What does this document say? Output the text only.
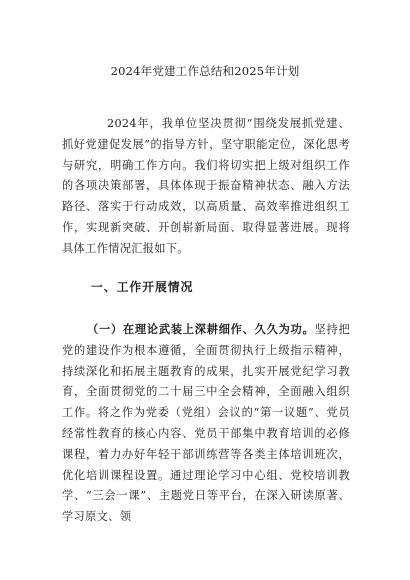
2024年党建工作总结和2025年计划
2024年，我单位坚决贯彻“围绕发展抓党建、抓好党建促发展”的指导方针，坚守职能定位，深化思考与研究，明确工作方向。我们将切实把上级对组织工作的各项决策部署，具体体现于振奋精神状态、融入方法路径、落实于行动成效，以高质量、高效率推进组织工作，实现新突破、开创崭新局面、取得显著进展。现将具体工作情况汇报如下。
一、工作开展情况
（一）在理论武装上深耕细作、久久为功。坚持把党的建设作为根本遵循，全面贯彻执行上级指示精神，持续深化和拓展主题教育的成果，扎实开展党纪学习教育，全面贯彻党的二十届三中全会精神，全面融入组织工作。将之作为党委（党组）会议的“第一议题”、党员经常性教育的核心内容、党员干部集中教育培训的必修课程，着力办好年轻干部训练营等各类主体培训班次，优化培训课程设置。通过理论学习中心组、党校培训教学、“三会一课”、主题党日等平台，在深入研读原著、学习原文、领
